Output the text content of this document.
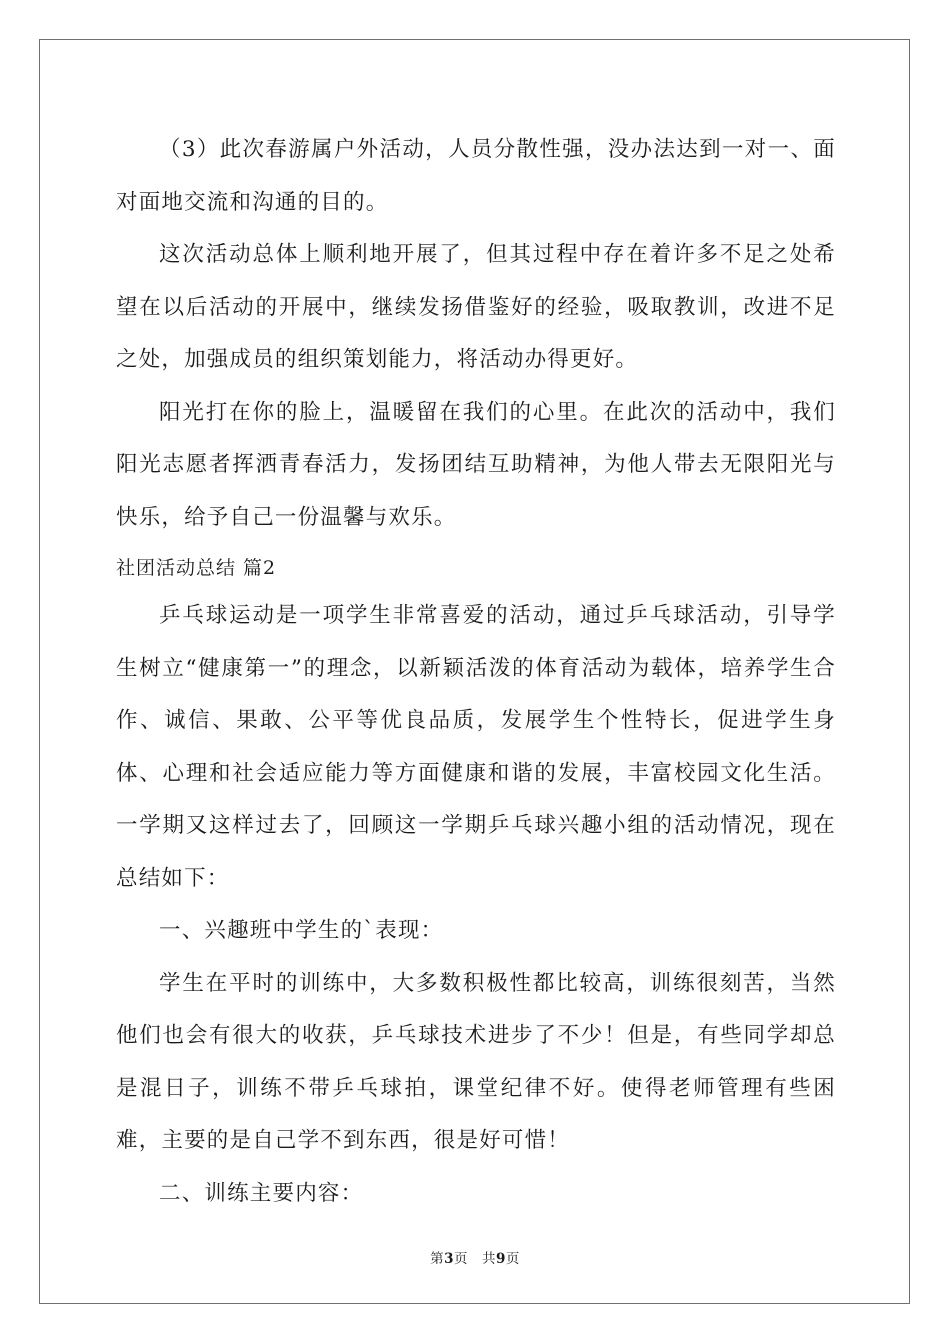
（3）此次春游属户外活动，人员分散性强，没办法达到一对一、面对面地交流和沟通的目的。

这次活动总体上顺利地开展了，但其过程中存在着许多不足之处希望在以后活动的开展中，继续发扬借鉴好的经验，吸取教训，改进不足之处，加强成员的组织策划能力，将活动办得更好。

阳光打在你的脸上，温暖留在我们的心里。在此次的活动中，我们阳光志愿者挥洒青春活力，发扬团结互助精神，为他人带去无限阳光与快乐，给予自己一份温馨与欢乐。

社团活动总结 篇2

乒乓球运动是一项学生非常喜爱的活动，通过乒乓球活动，引导学生树立“健康第一”的理念，以新颖活泼的体育活动为载体，培养学生合作、诚信、果敢、公平等优良品质，发展学生个性特长，促进学生身体、心理和社会适应能力等方面健康和谐的发展，丰富校园文化生活。一学期又这样过去了，回顾这一学期乒乓球兴趣小组的活动情况，现在总结如下：

一、兴趣班中学生的`表现：

学生在平时的训练中，大多数积极性都比较高，训练很刻苦，当然他们也会有很大的收获，乒乓球技术进步了不少！但是，有些同学却总是混日子，训练不带乒乓球拍，课堂纪律不好。使得老师管理有些困难，主要的是自己学不到东西，很是好可惜！

二、训练主要内容：

第3页　共9页
